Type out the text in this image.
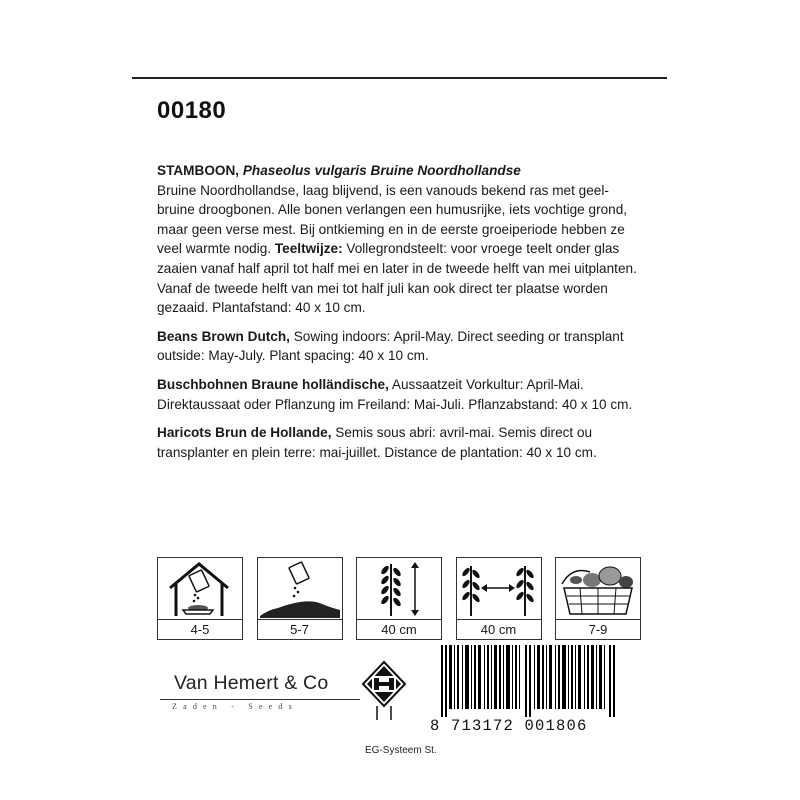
00180

STAMBOON, Phaseolus vulgaris Bruine Noordhollandse
Bruine Noordhollandse, laag blijvend, is een vanouds bekend ras met geel-bruine droogbonen. Alle bonen verlangen een humusrijke, iets vochtige grond, maar geen verse mest. Bij ontkieming en in de eerste groeiperiode hebben ze veel warmte nodig. Teeltwijze: Vollegrondsteelt: voor vroege teelt onder glas zaaien vanaf half april tot half mei en later in de tweede helft van mei uitplanten. Vanaf de tweede helft van mei tot half juli kan ook direct ter plaatse worden gezaaid. Plantafstand: 40 x 10 cm.

Beans Brown Dutch, Sowing indoors: April-May. Direct seeding or transplant outside: May-July. Plant spacing: 40 x 10 cm.

Buschbohnen Braune holländische, Aussaatzeit Vorkultur: April-Mai. Direktaussaat oder Pflanzung im Freiland: Mai-Juli. Pflanzabstand: 40 x 10 cm.

Haricots Brun de Hollande, Semis sous abri: avril-mai. Semis direct ou transplanter en plein terre: mai-juillet. Distance de plantation: 40 x 10 cm.

4-5	5-7	40 cm	40 cm	7-9
Van Hemert & Co
Zaden - Seeds
8 713172 001806
EG-Systeem St.
